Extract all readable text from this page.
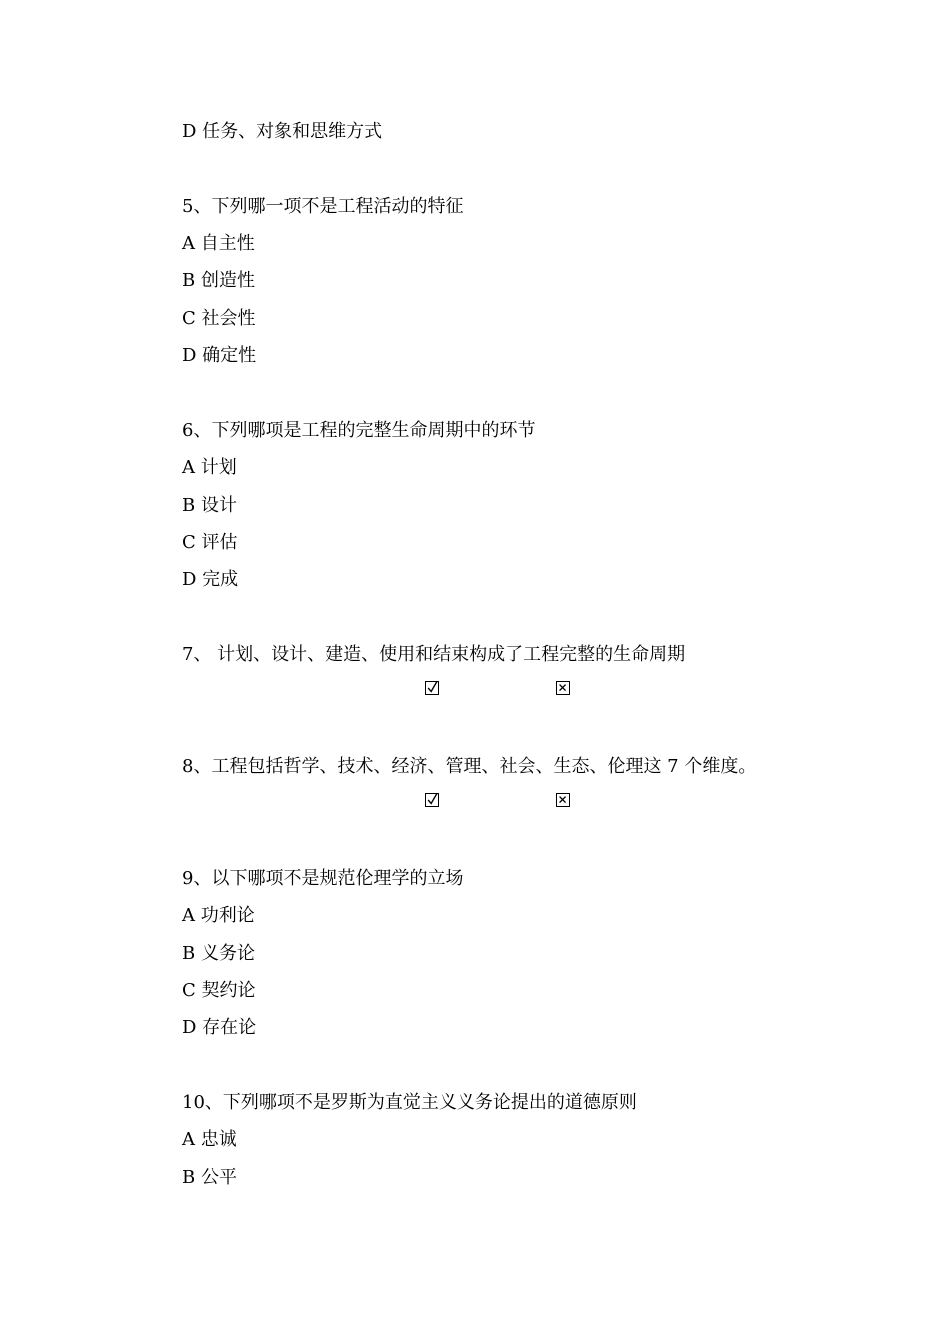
D 任务、对象和思维方式
5、下列哪一项不是工程活动的特征
A 自主性
B 创造性
C 社会性
D 确定性
6、下列哪项是工程的完整生命周期中的环节
A 计划
B 设计
C 评估
D 完成
7、 计划、设计、建造、使用和结束构成了工程完整的生命周期
8、工程包括哲学、技术、经济、管理、社会、生态、伦理这 7 个维度。
9、以下哪项不是规范伦理学的立场
A 功利论
B 义务论
C 契约论
D 存在论
10、下列哪项不是罗斯为直觉主义义务论提出的道德原则
A 忠诚
B 公平
